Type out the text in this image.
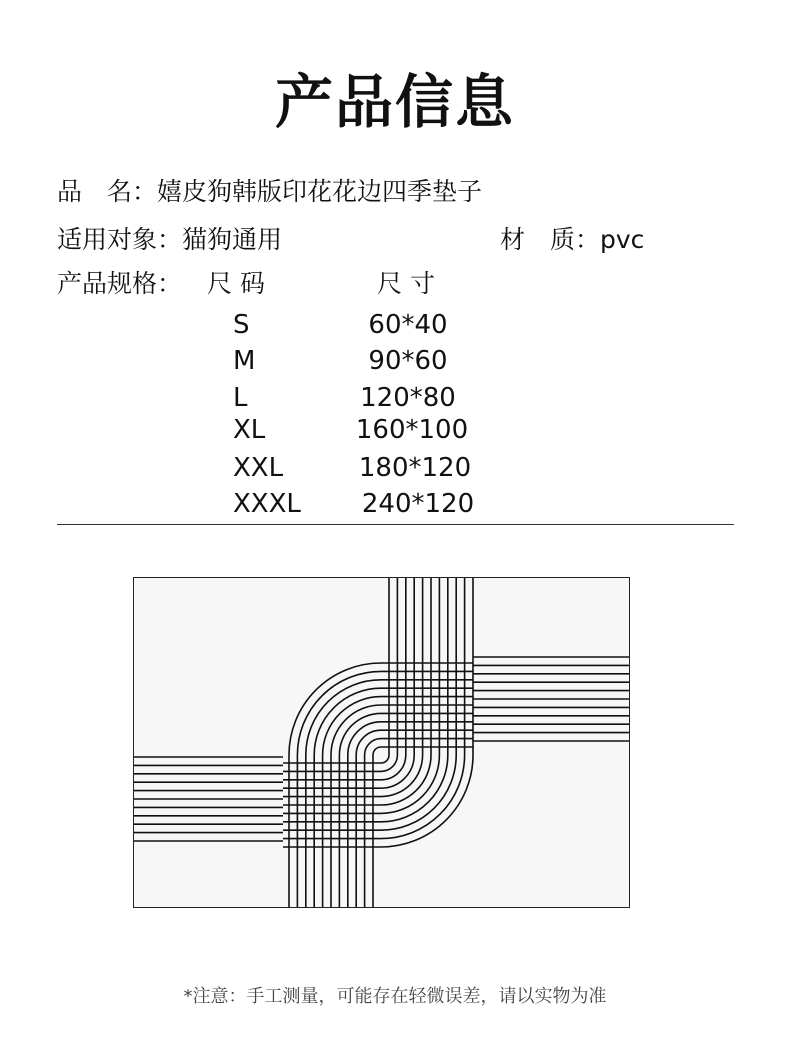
产品信息
品　名：嬉皮狗韩版印花花边四季垫子
适用对象：猫狗通用	材　质：pvc
产品规格： 尺 码	尺 寸
S	60*40
M	90*60
L	120*80
XL	160*100
XXL	180*120
XXXL	240*120
*注意：手工测量，可能存在轻微误差，请以实物为准
